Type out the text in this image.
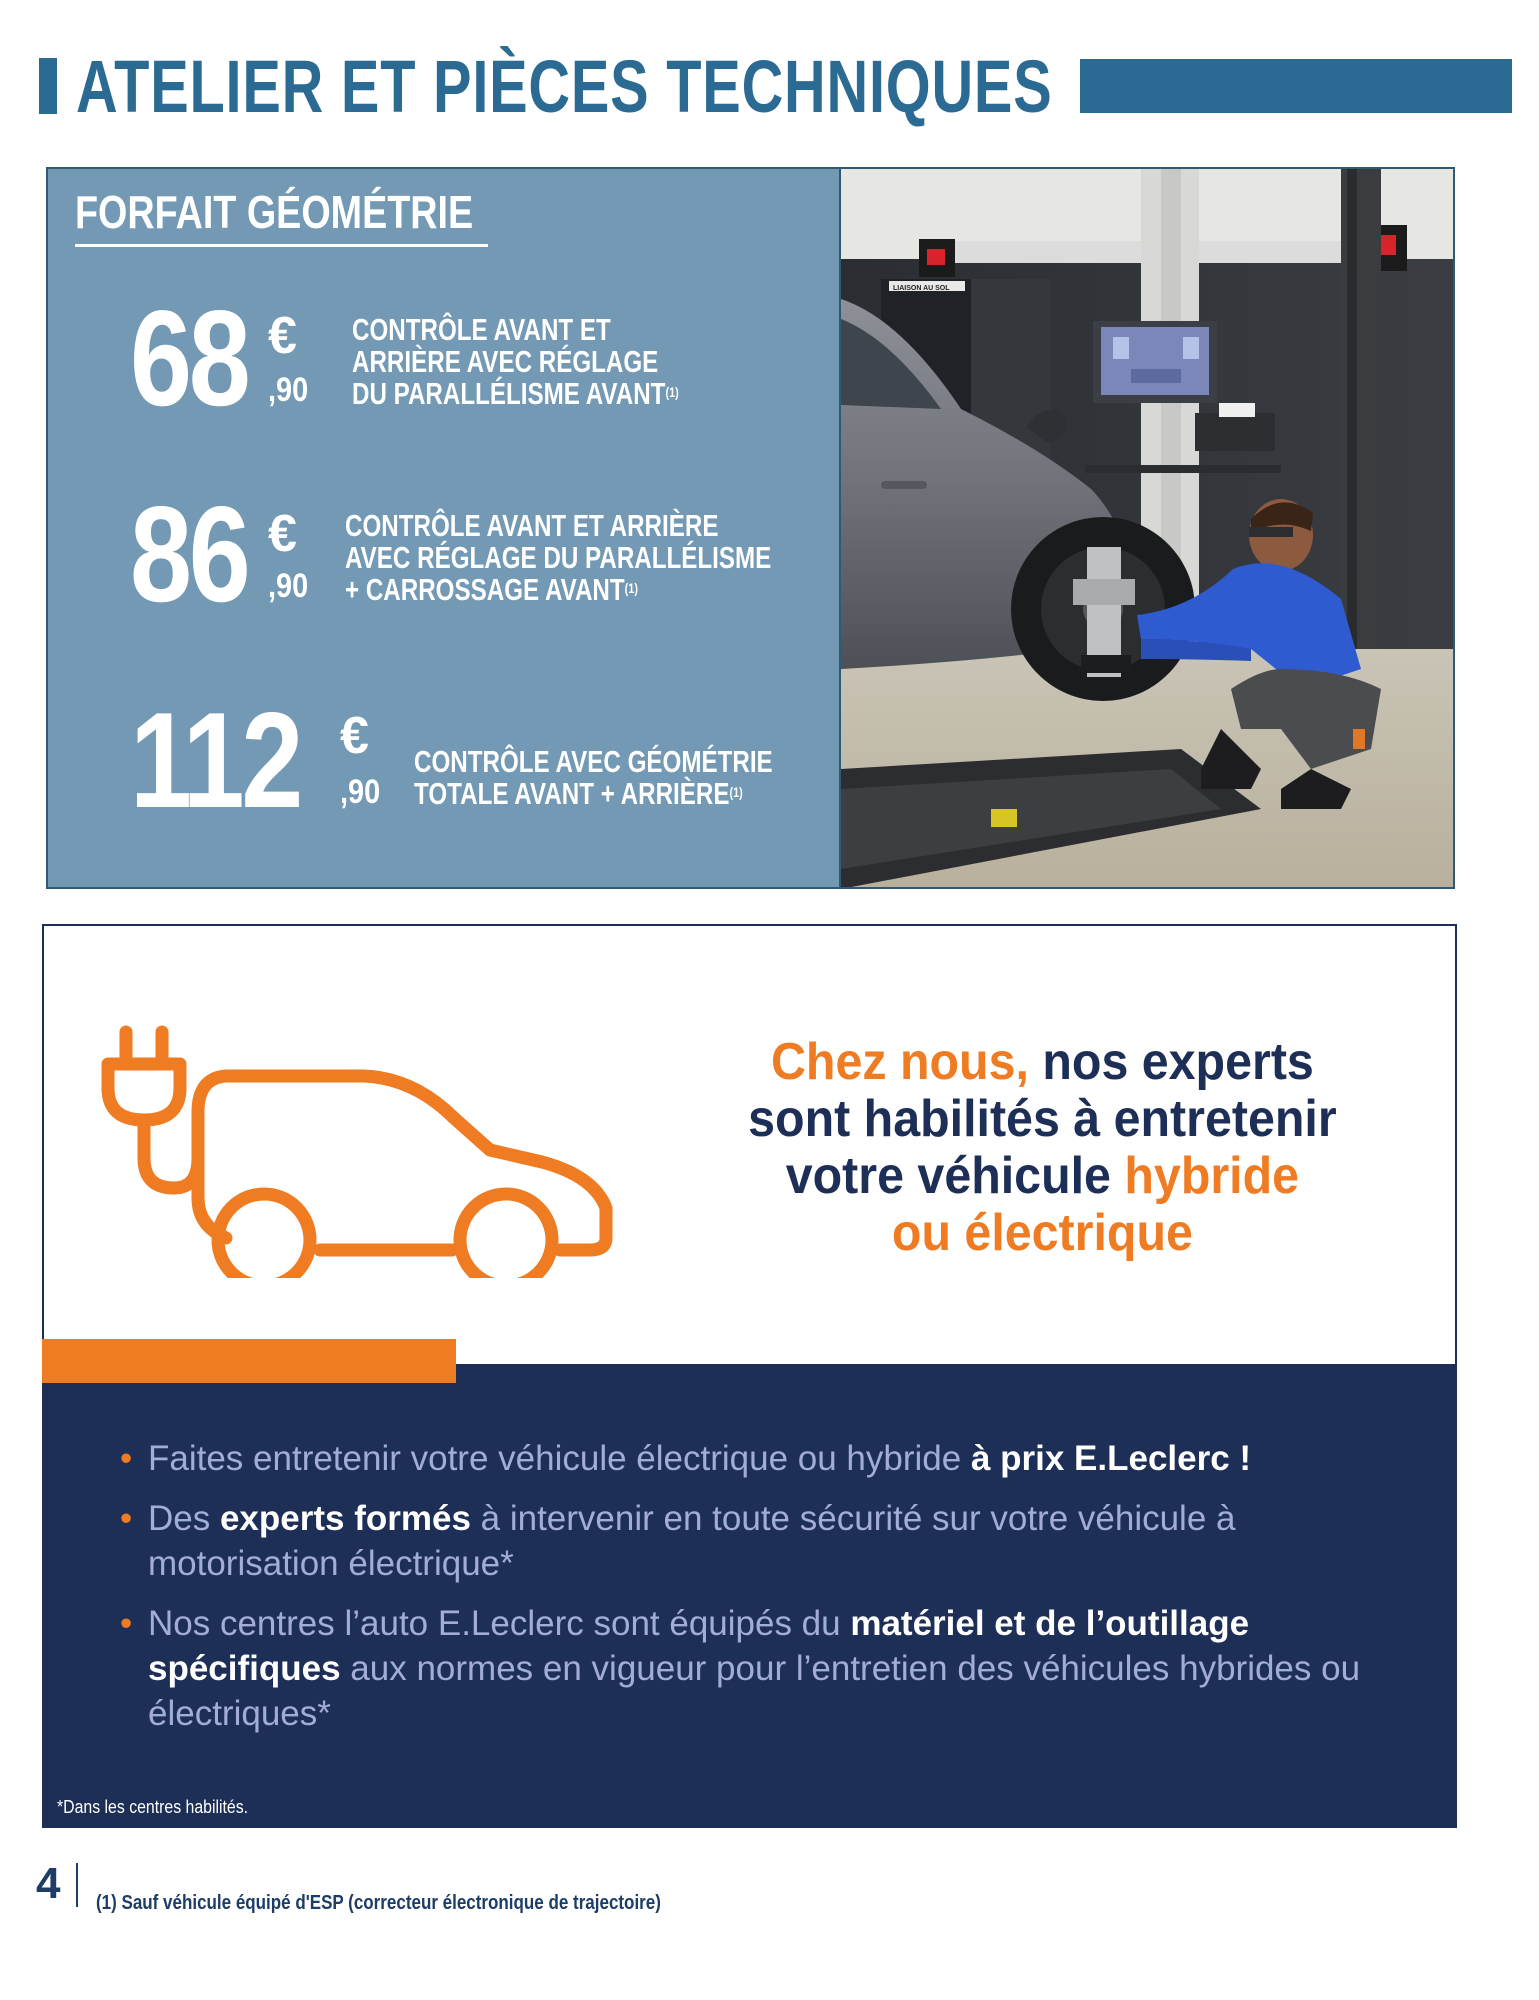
ATELIER ET PIÈCES TECHNIQUES
FORFAIT GÉOMÉTRIE
68 €
,90
CONTRÔLE AVANT ET
ARRIÈRE AVEC RÉGLAGE
DU PARALLÉLISME AVANT$^{(1)}$
86 €
,90
CONTRÔLE AVANT ET ARRIÈRE
AVEC RÉGLAGE DU PARALLÉLISME
+ CARROSSAGE AVANT$^{(1)}$
112 €
,90
CONTRÔLE AVEC GÉOMÉTRIE
TOTALE AVANT + ARRIÈRE$^{(1)}$
LIAISON AU SOL
Chez nous, nos experts
sont habilités à entretenir
votre véhicule hybride
ou électrique
• Faites entretenir votre véhicule électrique ou hybride à prix E.Leclerc !
• Des experts formés à intervenir en toute sécurité sur votre véhicule à motorisation électrique*
• Nos centres l’auto E.Leclerc sont équipés du matériel et de l’outillage spécifiques aux normes en vigueur pour l’entretien des véhicules hybrides ou électriques*
*Dans les centres habilités.
4 (1) Sauf véhicule équipé d'ESP (correcteur électronique de trajectoire)
